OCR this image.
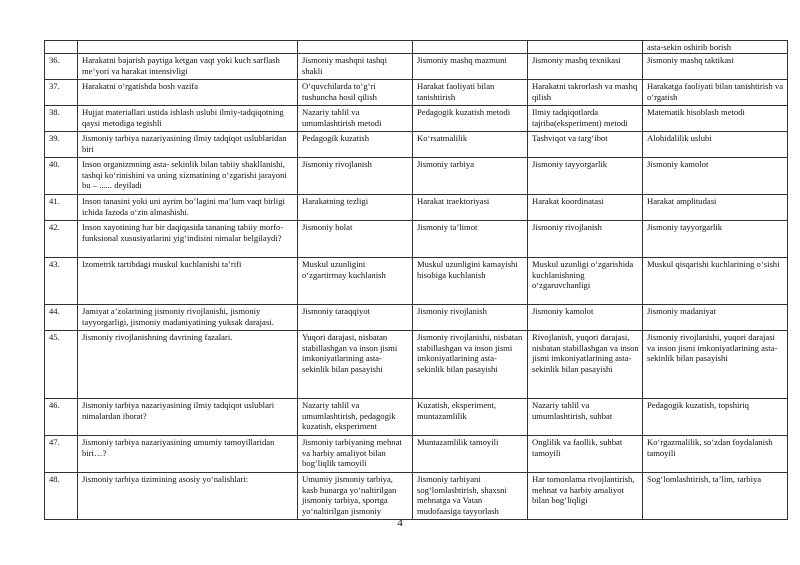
					asta-sekin oshirib borish
36.	Harakatni bajarish paytiga ketgan vaqt yoki kuch sarflash me’yori va harakat intensivligi	Jismoniy mashqni tashqi shakli	Jismoniy mashq mazmuni	Jismoniy mashq texnikasi	Jismoniy mashq taktikasi
37.	Harakatni o‘rgatishda bosh vazifa	O‘quvchilarda to‘g‘ri tushuncha hosil qilish	Harakat faoliyati bilan tanishtirish	Harakatni takrorlash va mashq qilish	Harakatga faoliyati bilan tanishtirish va o‘rgatish
38.	Hujjat materiallari ustida ishlash uslubi ilmiy-tadqiqotning qaysi metodiga tegishli	Nazariy tahlil va umumlashtirish metodi	Pedagogik kuzatish metodi	Ilmiy tadqiqotlarda tajriba(eksperiment) metodi	Matematik hisoblash metodi
39.	Jismoniy tarbiya nazariyasining ilmiy tadqiqot uslublaridan biri	Pedagogik kuzatish	Ko‘rsatmalilik	Tashviqot va targ‘ibot	Alohidalilik uslubi
40.	Inson organizmning asta- sekinlik bilan tabiiy shakllanishi, tashqi ko‘rinishini va uning xizmatining o‘zgarishi jarayoni bu – ...... deyiladi	Jismoniy rivojlanish	Jismoniy tarbiya	Jismoniy tayyorgarlik	Jismoniy kamolot
41.	Inson tanasini yoki uni ayrim bo‘laginі ma’lum vaqt birligi ichida fazoda o‘zin almashishi.	Harakatning tezligi	Harakat traektoriyasi	Harakat koordinatasi	Harakat amplitudasi
42.	Inson xayotining har bir daqiqasida tananing tabiiy morfo-funksional xususiyatlarini yig‘indisini nimalar belgilaydi?	Jismoniy holat	Jismoniy ta’limot	Jismoniy rivojlanish	Jismoniy tayyorgarlik
43.	Izometrik tartibdagi muskul kuchlanishi ta’rifi	Muskul uzunligini o‘zgartirmay kuchlanish	Muskul uzunligini kamayishi hisobiga kuchlanish	Muskul uzunligi o‘zgarishida kuchlanishning o‘zgaruvchanligi	Muskul qisqarishi kuchlarining o‘sishi
44.	Jamiyat a’zolarining jismoniy rivojlanishi, jismoniy tayyorgarligi, jismoniy madaniyatining yuksak darajasi.	Jismoniy taraqqiyot	Jismoniy rivojlanish	Jismoniy kamolot	Jismoniy madaniyat
45.	Jismoniy rivojlanishning davrining fazalari.	Yuqori darajasi, nisbatan stabillashgan va inson jismi imkoniyatlarining asta-sekinlik bilan pasayishi	Jismoniy rivojlanishi, nisbatan stabillashgan va inson jismi imkoniyatlarining asta-sekinlik bilan pasayishi	Rivojlanish, yuqori darajasi, nisbatan stabillashgan va inson jismi imkoniyatlarining asta-sekinlik bilan pasayishi	Jismoniy rivojlanishi, yuqori darajasi va inson jismi imkoniyatlarining asta-sekinlik bilan pasayishi
46.	Jismoniy tarbiya nazariyasining ilmiy tadqiqot uslublari nimalardan iborat?	Nazariy tahlil va umumlashtirish, pedagogik kuzatish, eksperiment	Kuzatish, eksperiment, muntazamlilik	Nazariy tahlil va umumlashtirish, suhbat	Pedagogik kuzatish, topshiriq
47.	Jismoniy tarbiya nazariyasining umumiy tamoyillaridan biri…?	Jismoniy tarbiyaning mehnat va harbiy amaliyot bilan bog‘liqlik tamoyili	Muntazamlilik tamoyili	Onglilik va faollik, suhbat tamoyili	Ko‘rgazmalilik, so‘zdan foydalanish tamoyili
48.	Jismoniy tarbiya tizimining asosiy yo‘nalishlari:	Umumiy jismoniy tarbiya, kasb hunarga yo‘naltirilgan jismoniy tarbiya, sportga yo‘naltirilgan jismoniy	Jismoniy tarbiyani sog‘lomlashtirish, shaxsni mehnatga va Vatan mudofaasiga tayyorlash	Har tomonlama rivojlantirish, mehnat va harbiy amaliyot bilan bog‘liqligi	Sog‘lomlashtirish, ta’lim, tarbiya
4
